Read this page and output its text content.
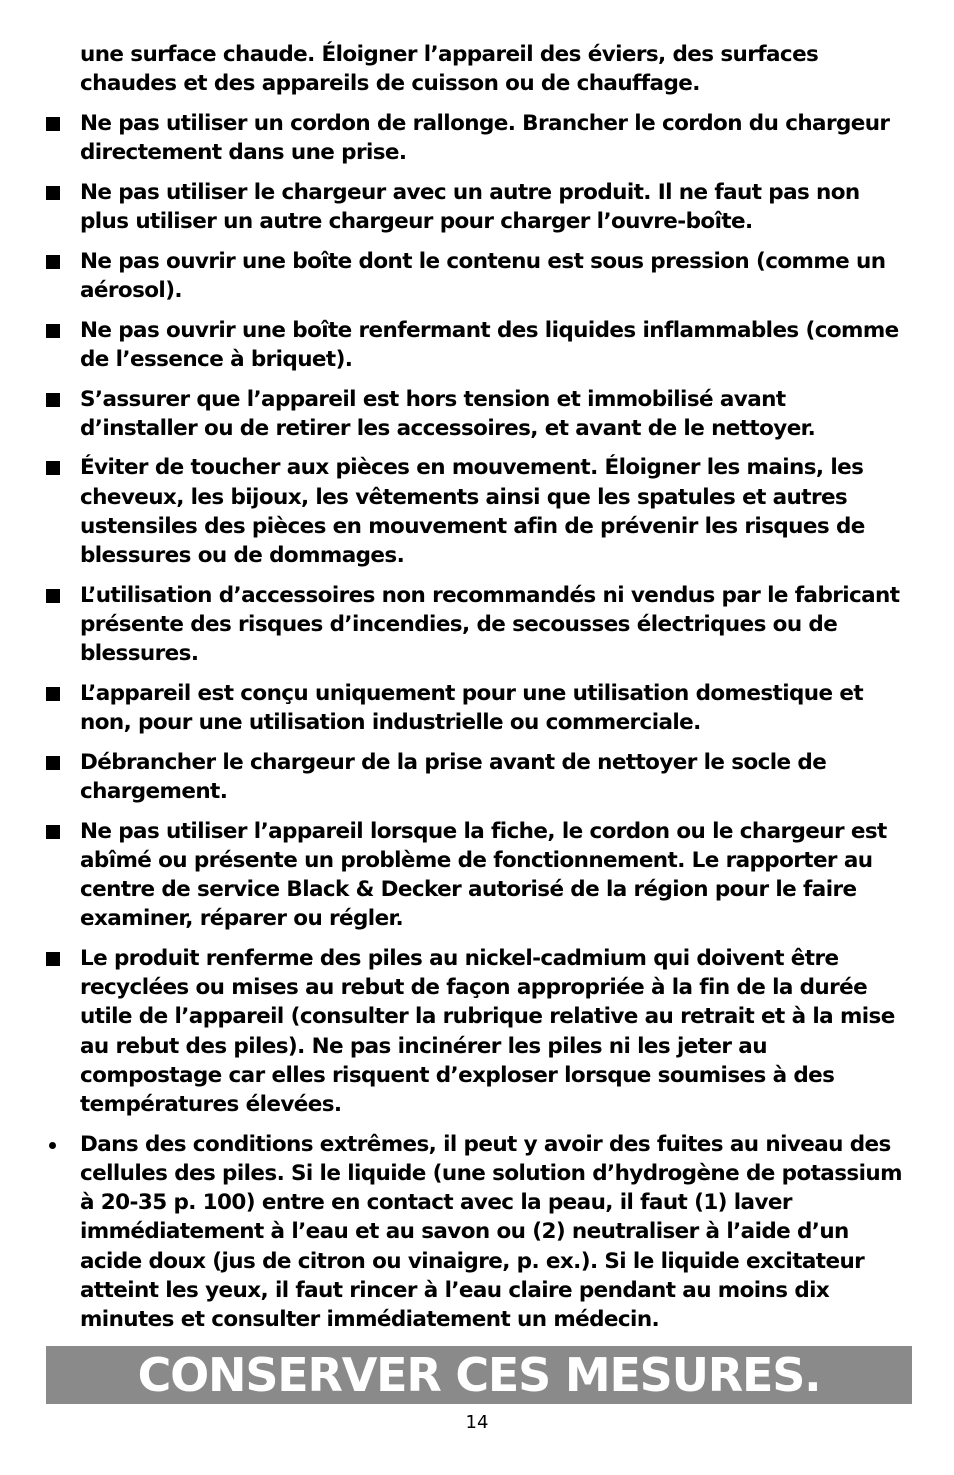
une surface chaude. Éloigner l’appareil des éviers, des surfaces chaudes et des appareils de cuisson ou de chauffage.
Ne pas utiliser un cordon de rallonge. Brancher le cordon du chargeur directement dans une prise.
Ne pas utiliser le chargeur avec un autre produit. Il ne faut pas non plus utiliser un autre chargeur pour charger l’ouvre-boîte.
Ne pas ouvrir une boîte dont le contenu est sous pression (comme un aérosol).
Ne pas ouvrir une boîte renfermant des liquides inflammables (comme de l’essence à briquet).
S’assurer que l’appareil est hors tension et immobilisé avant d’installer ou de retirer les accessoires, et avant de le nettoyer.
Éviter de toucher aux pièces en mouvement. Éloigner les mains, les cheveux, les bijoux, les vêtements ainsi que les spatules et autres ustensiles des pièces en mouvement afin de prévenir les risques de blessures ou de dommages.
L’utilisation d’accessoires non recommandés ni vendus par le fabricant présente des risques d’incendies, de secousses électriques ou de blessures.
L’appareil est conçu uniquement pour une utilisation domestique et non, pour une utilisation industrielle ou commerciale.
Débrancher le chargeur de la prise avant de nettoyer le socle de chargement.
Ne pas utiliser l’appareil lorsque la fiche, le cordon ou le chargeur est abîmé ou présente un problème de fonctionnement. Le rapporter au centre de service Black & Decker autorisé de la région pour le faire examiner, réparer ou régler.
Le produit renferme des piles au nickel-cadmium qui doivent être recyclées ou mises au rebut de façon appropriée à la fin de la durée utile de l’appareil (consulter la rubrique relative au retrait et à la mise au rebut des piles). Ne pas incinérer les piles ni les jeter au compostage car elles risquent d’exploser lorsque soumises à des températures élevées.
Dans des conditions extrêmes, il peut y avoir des fuites au niveau des cellules des piles. Si le liquide (une solution d’hydrogène de potassium à 20-35 p. 100) entre en contact avec la peau, il faut (1) laver immédiatement à l’eau et au savon ou (2) neutraliser à l’aide d’un acide doux (jus de citron ou vinaigre, p. ex.). Si le liquide excitateur atteint les yeux, il faut rincer à l’eau claire pendant au moins dix minutes et consulter immédiatement un médecin.
CONSERVER CES MESURES.
14
